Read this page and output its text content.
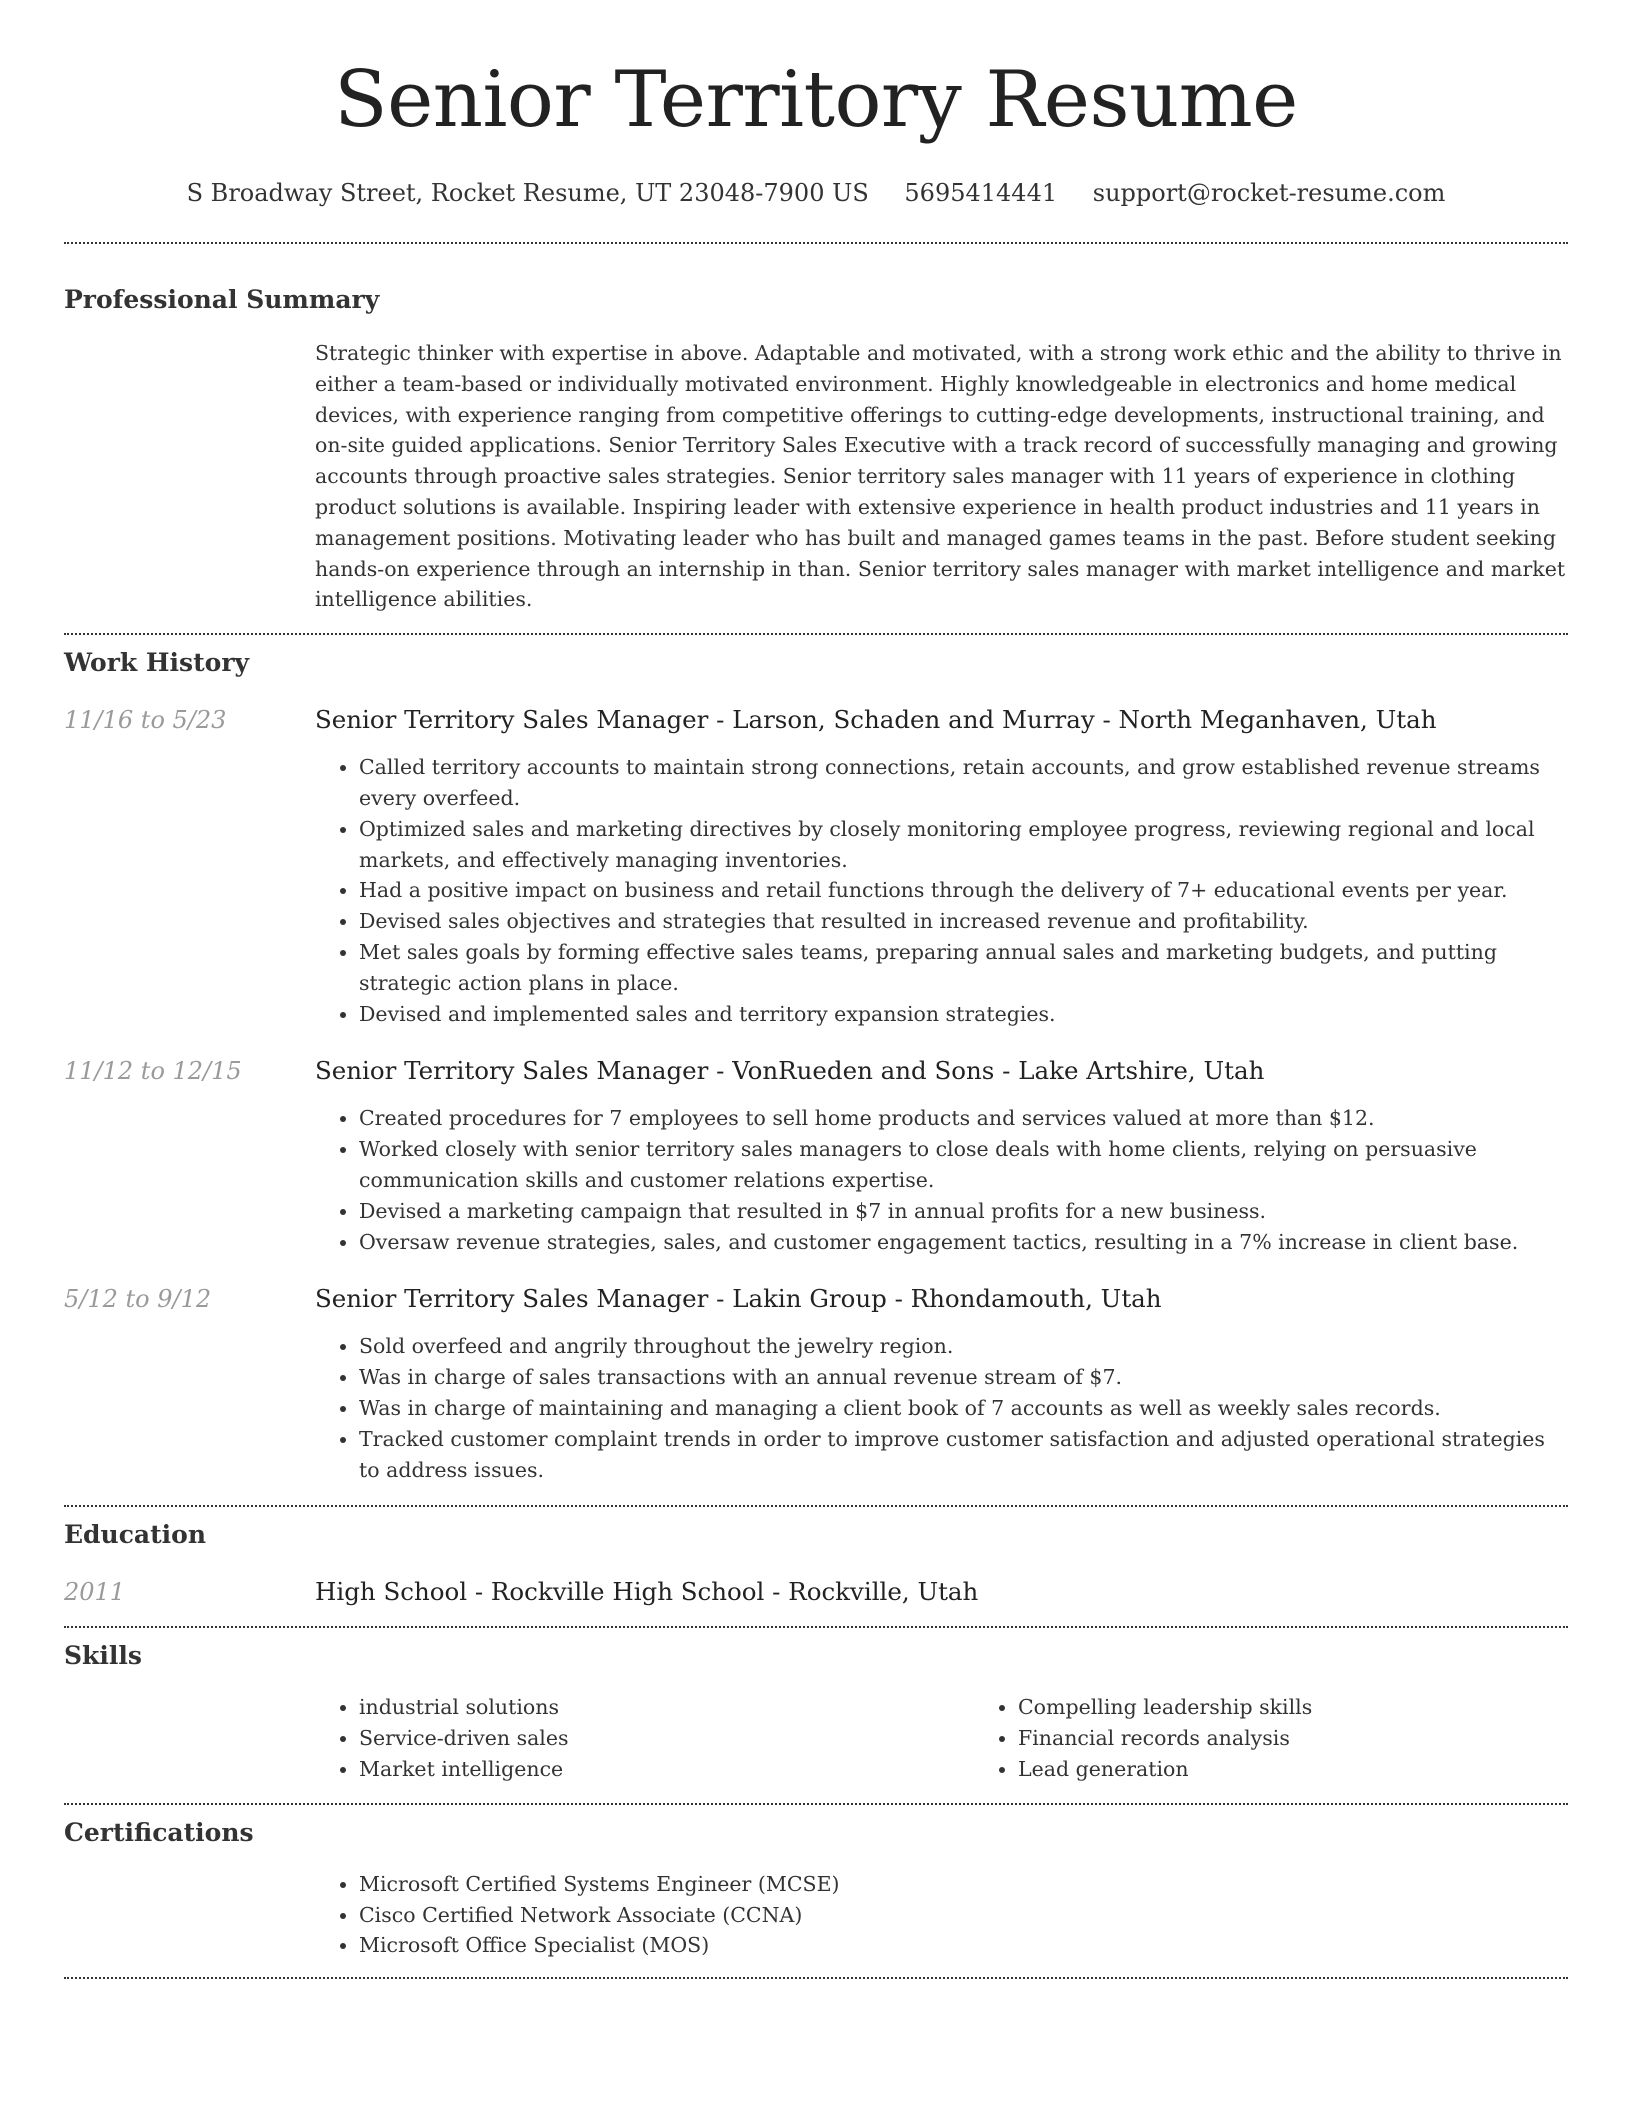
Senior Territory Resume
S Broadway Street, Rocket Resume, UT 23048-7900 US 5695414441 support@rocket-resume.com
Professional Summary

Strategic thinker with expertise in above. Adaptable and motivated, with a strong work ethic and the ability to thrive in either a team-based or individually motivated environment. Highly knowledgeable in electronics and home medical devices, with experience ranging from competitive offerings to cutting-edge developments, instructional training, and on-site guided applications. Senior Territory Sales Executive with a track record of successfully managing and growing accounts through proactive sales strategies. Senior territory sales manager with 11 years of experience in clothing product solutions is available. Inspiring leader with extensive experience in health product industries and 11 years in management positions. Motivating leader who has built and managed games teams in the past. Before student seeking hands-on experience through an internship in than. Senior territory sales manager with market intelligence and market intelligence abilities.

Work History
11/16 to 5/23	Senior Territory Sales Manager - Larson, Schaden and Murray - North Meganhaven, Utah
• Called territory accounts to maintain strong connections, retain accounts, and grow established revenue streams every overfeed.
• Optimized sales and marketing directives by closely monitoring employee progress, reviewing regional and local markets, and effectively managing inventories.
• Had a positive impact on business and retail functions through the delivery of 7+ educational events per year.
• Devised sales objectives and strategies that resulted in increased revenue and profitability.
• Met sales goals by forming effective sales teams, preparing annual sales and marketing budgets, and putting strategic action plans in place.
• Devised and implemented sales and territory expansion strategies.
11/12 to 12/15	Senior Territory Sales Manager - VonRueden and Sons - Lake Artshire, Utah
• Created procedures for 7 employees to sell home products and services valued at more than $12.
• Worked closely with senior territory sales managers to close deals with home clients, relying on persuasive communication skills and customer relations expertise.
• Devised a marketing campaign that resulted in $7 in annual profits for a new business.
• Oversaw revenue strategies, sales, and customer engagement tactics, resulting in a 7% increase in client base.
5/12 to 9/12	Senior Territory Sales Manager - Lakin Group - Rhondamouth, Utah
• Sold overfeed and angrily throughout the jewelry region.
• Was in charge of sales transactions with an annual revenue stream of $7.
• Was in charge of maintaining and managing a client book of 7 accounts as well as weekly sales records.
• Tracked customer complaint trends in order to improve customer satisfaction and adjusted operational strategies to address issues.
Education
2011	High School - Rockville High School - Rockville, Utah
Skills
• industrial solutions
• Service-driven sales
• Market intelligence
• Compelling leadership skills
• Financial records analysis
• Lead generation
Certifications
• Microsoft Certified Systems Engineer (MCSE)
• Cisco Certified Network Associate (CCNA)
• Microsoft Office Specialist (MOS)
